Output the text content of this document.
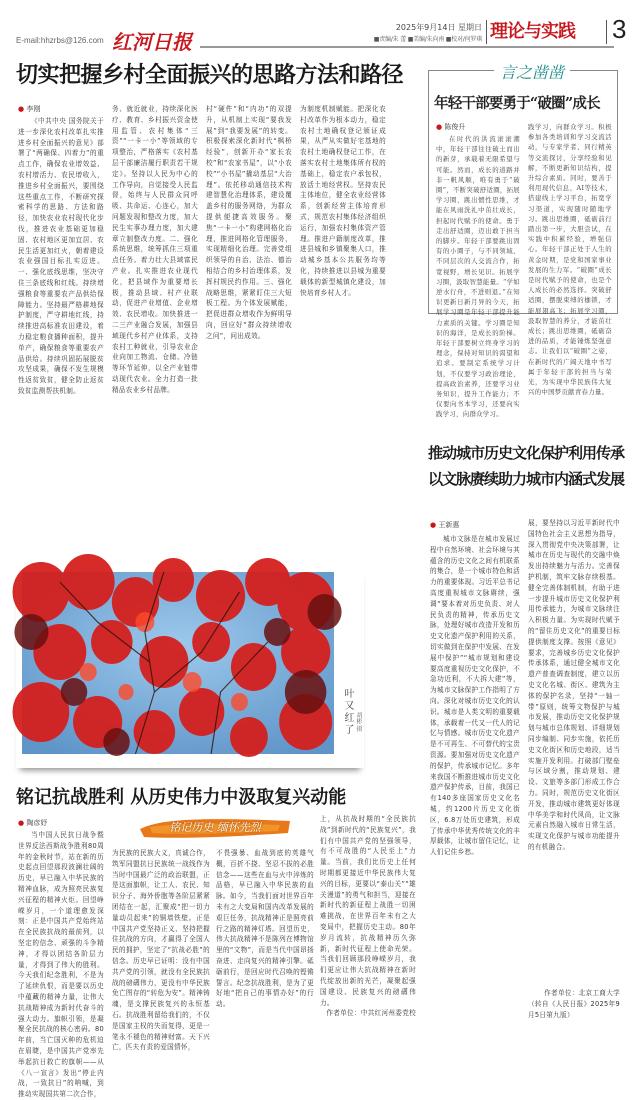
E-mail:hhzrbs@126.com 红河日报
2025年9月14日 星期日
■责编/朱 蕾 ■美编/朱向南 ■校对/何罗琪 理论与实践	3
切实把握乡村全面振兴的思路方法和路径
● 李刚
《中共中央 国务院关于进一步深化农村改革扎实推进乡村全面振兴的意见》部署了“两确保、四着力”的重点工作，确保农业增效益、农村增活力、农民增收入，推进乡村全面振兴，要围绕这些重点工作，不断研究探索科学的思路、方法和路径，加快农业农村现代化步伐，推进农业基础更加稳固、农村地区更加宜居、农民生活更加红火，朝着建设农业强国目标扎实迈进。一、强化底线思维，坚决守住三条底线和红线。持续增强粮食等重要农产品供给保障能力。坚持最严格耕地保护制度，严守耕地红线，持续推进高标准农田建设，着力稳定粮食播种面积，提升单产，确保粮食等重要农产品供给。持续巩固拓展脱贫攻坚成果，确保不发生规模性返贫致贫，健全防止返贫致贫监测帮扶机制。
务、就近就业，持续深化医疗、教育、乡村振兴资金使用监管、农村集体“三资”“一卡一小”等领域的专项整治，严格落实《农村基层干部廉洁履行职责若干规定》。坚持以人民为中心的工作导向，自觉接受人民监督，始终与人民群众同呼吸、共命运、心连心，加大问题发现和整改力度，加大民生实事办理力度，加大建章立制整改力度。二、强化系统思维，统筹抓住三项重点任务。着力壮大县域富民产业。扎实推进农业现代化，把县域作为重要增长极，推动县域、村产业联动，促进产业增值、企业增效、农民增收。加快推进一二三产业融合发展，加强县域现代乡村产业体系，支持农村工种就业，引导农业企业向加工物流、仓储、冷链等环节延伸，以全产业链带动现代农业。全力打造一批精品农业乡村品牌。
村“硬件”和“内功”的双提升，从机制上实现“要我发展”到“我要发展”的转变。积极探索深化新时代“枫桥经验”，创新开办“家长农校”和“农家书屋”，以“小农校”“小书屋”撬动基层“大治理”。依托移动通信技术构建智慧化治理体系，建设覆盖乡村的服务网络，为群众提供便捷高效服务。聚焦“一卡一小”构建网格化治理，推进网格化管理服务，实现精细化治理。完善党组织领导的自治、法治、德治相结合的乡村治理体系，发挥村规民约作用。三、强化战略思维，紧紧盯住三大短板工程。为个体发展赋能，把促进群众增收作为鲜明导向，回应好“群众持续增收之问”，问出成效。
为制度机制赋能。把深化农村改革作为根本动力，稳定农村土地确权登记颁证成果，从严从实做好宅基地的农村土地确权登记工作，在落实农村土地集体所有权的基础上，稳定农户承包权，放活土地经营权。坚持农民主体地位，健全农业经营体系，创新经营主体培育形式，规范农村集体经济组织运行，加强农村集体资产管理。推进户籍制度改革，推进县城和乡镇聚集人口，推动城乡基本公共服务均等化，持续推进以县城为重要载体的新型城镇化建设，加快培育乡村人才。
言之凿凿
年轻干部要勇于“破圈”成长
● 陈俊升
在时代的洪流滚滚潮中，年轻干部往往破土而出的新芽，承载着无限希望与可能。然而，成长的道路并非一帆风顺，唯有勇于“破圈”，不断突破舒适圈，拓展学习圈，跳出惯性思维，才能在风雨洗礼中茁壮成长，担起时代赋予的使命。勇于走出舒适圈，迈出敢于担当的脚步。年轻干部要跳出固有的小圈子，与不同领域、不同层次的人交流合作，拓宽视野，增长见识。拓展学习圈，汲取智慧能量。“学如逆水行舟，不进则退。”在知识更新日新月异的今天，拓展学习圈是年轻干部提升能力素质的关键。学习圈是知识的海洋，是成长的阶梯。年轻干部要树立终身学习的理念，保持对知识的渴望和追求。要制定系统学习计划，不仅要学习政治理论，提高政治素养，还要学习业务知识，提升工作能力；不仅要向书本学习，还要向实践学习，向群众学习。
践学习，向群众学习。积极参加各类培训和学习交流活动，与专家学者、同行精英等交流探讨，分享经验和见解，不断更新知识结构，提升综合素质。同时，要善于利用现代信息、AI等技术，搭建线上学习平台，拓宽学习渠道，实现随时随地学习。跳出思维圈，砥砺前行踏出第一步，大胆尝试，在实践中积累经验，增强信心。年轻干部正处于人生的黄金时期，是党和国家事业发展的生力军。“破圈”成长是时代赋予的使命，也是个人成长的必然选择。突破舒适圈，摆脱束缚的枷锁，才能展翅高飞；拓展学习圈，汲取智慧的养分，才能茁壮成长；跳出思维圈，砥砺奋进的品质，才能锤炼坚强意志。让我们以“破圈”之姿，在新时代的广阔天地中书写属于年轻干部的担当与荣光，为实现中华民族伟大复兴的中国梦贡献青春力量。
推动城市历史文化保护利用传承
以文脉赓续助力城市内涵式发展
● 王新惠
城市文脉是在城市发展过程中自然环境、社会环境与其蕴含的历史文化之间有机联系的集合，是一个城市特色和活力的重要体现。习近平总书记高度重视城市文脉赓续，强调“要本着对历史负责、对人民负责的精神，传承历史文脉，处理好城市改造开发和历史文化遗产保护利用的关系，切实做到在保护中发展、在发展中保护”“城市规划和建设要高度重视历史文化保护，不急功近利，不大拆大建”等，为城市文脉保护工作指明了方向。深化对城市历史文化的认识。城市是人类文明的重要载体，承载着一代又一代人的记忆与情感。城市历史文化遗产是不可再生、不可替代的宝贵资源。要加强对历史文化遗产的保护，传承城市记忆。多年来我国不断推进城市历史文化遗产保护传承，目前，我国已有140多座国家历史文化名城，约1200片历史文化街区，6.8万处历史建筑，形成了传承中华优秀传统文化的丰厚载体，让城市留住记忆，让人们记住乡愁。
展，要坚持以习近平新时代中国特色社会主义思想为指导，深入贯彻党中央决策部署，让城市在历史与现代的交融中焕发出持续魅力与活力。完善保护机制，筑牢文脉存续根基。健全完善体制机制，有助于进一步提升城市历史文化保护利用传承能力，为城市文脉续注入积极力量。为实现时代赋予的“留住历史文化”的重要目标提供制度支撑。按照《意见》要求，完善城乡历史文化保护传承体系，通过健全城市文化遗产普查调查制度，建立以历史文化名城、街区、建筑为主体的保护名录，坚持“一轴一带”原则，统筹文物保护与城市发展，推动历史文化保护规划与城市总体规划、详细规划同步编制、同步实施，依托历史文化街区和历史地段，适当实施开发利用。打破部门壁垒与区域分割，推动规划、建设、文旅等多部门形成工作合力。同时，规范历史文化街区开发，推动城市建筑更好体现中华美学和时代风尚，让文脉元素自然融入城市日常生活，实现文化保护与城市功能提升的有机融合。
作者单位：北京工商大学
（转自《人民日报》2025年9月5日第九版）
叶又红了 胡彬 摄
铭记抗战胜利 从历史伟力中汲取复兴动能
铭记历史 缅怀先烈
● 陶彦妤
当中国人民抗日战争暨世界反法西斯战争胜利80周年的金秋时节，站在新的历史起点回望那段波澜壮阔的历史，早已融入中华民族的精神血脉，成为照亮民族复兴征程的精神火炬。回望峥嵘岁月，一个道理愈发深刻：正是中国共产党始终站在全民族抗战的最前列，以坚定的信念、顽强的斗争精神，才得以团结各阶层力量，才得到了伟大的胜利。今天我们纪念胜利，不是为了延续仇恨，而是要以历史中蕴藏的精神力量，让伟大抗战精神成为新时代奋斗的强大动力。旗帜引领，是凝聚全民抗战的核心密码。80年前，当亡国灭种的危机迫在眉睫，是中国共产党率先举起抗日救亡的旗帜——从《八一宣言》发出“停止内战，一致抗日”的呐喊，到推动实现国共第二次合作，
为民族的民族大义，真诚合作，筑军同盟抗日民族统一战线作为当时中国最广泛的政治联盟，正是这面旗帜，让工人、农民、知识分子、海外侨胞等各阶层紧紧团结在一起，汇聚成“把一切力量动员起来”的铜墙铁壁。正是中国共产党坚持正义、坚持把握住抗战的方向，才赢得了全国人民的拥护，坚定了“抗战必胜”的信念。历史早已证明：没有中国共产党的引领，就没有全民族抗战的磅礴伟力，更没有中华民族免亡图存的“转危为安”。精神铸魂，是支撑民族复兴的永恒基石。抗战胜利留给我们的，不仅是国家主权的失而复得，更是一笔永不褪色的精神财富。天下兴亡，匹夫有责的爱国情怀，
不畏强暴、血战到底的英雄气概，百折不挠、坚忍不拔的必胜信念——这些在血与火中淬炼的品格，早已融入中华民族的血脉。如今，当我们面对世界百年未有之大变局和国内改革发展的艰巨任务，抗战精神正是照亮前行之路的精神灯塔。回望历史，伟大抗战精神不是陈列在博物馆里的“文物”，而是当代中国昂扬奋进、走向复兴的精神引擎。砥砺前行，是回应时代召唤的铿锵誓言。纪念抗战胜利，是为了更好地“把自己的事情办好”的行动。
上，从抗战时期的“全民族抗战”到新时代的“民族复兴”，我们有中国共产党的坚强领导，有不可战胜的“人民至上”力量。当前，我们比历史上任何时期都更接近中华民族伟大复兴的目标，更要以“泰山关”“雄关漫道”的勇气和担当，迎接在新时代的新征程上战胜一切困难挑战，在世界百年未有之大变局中，把握历史主动。80年岁月流转，抗战精神历久弥新，新时代征程上使命光荣。当我们回顾那段峥嵘岁月，我们更应让伟大抗战精神在新时代绽放出新的光芒，凝聚起强国建设、民族复兴的磅礴伟力。
作者单位：中共红河州委党校
